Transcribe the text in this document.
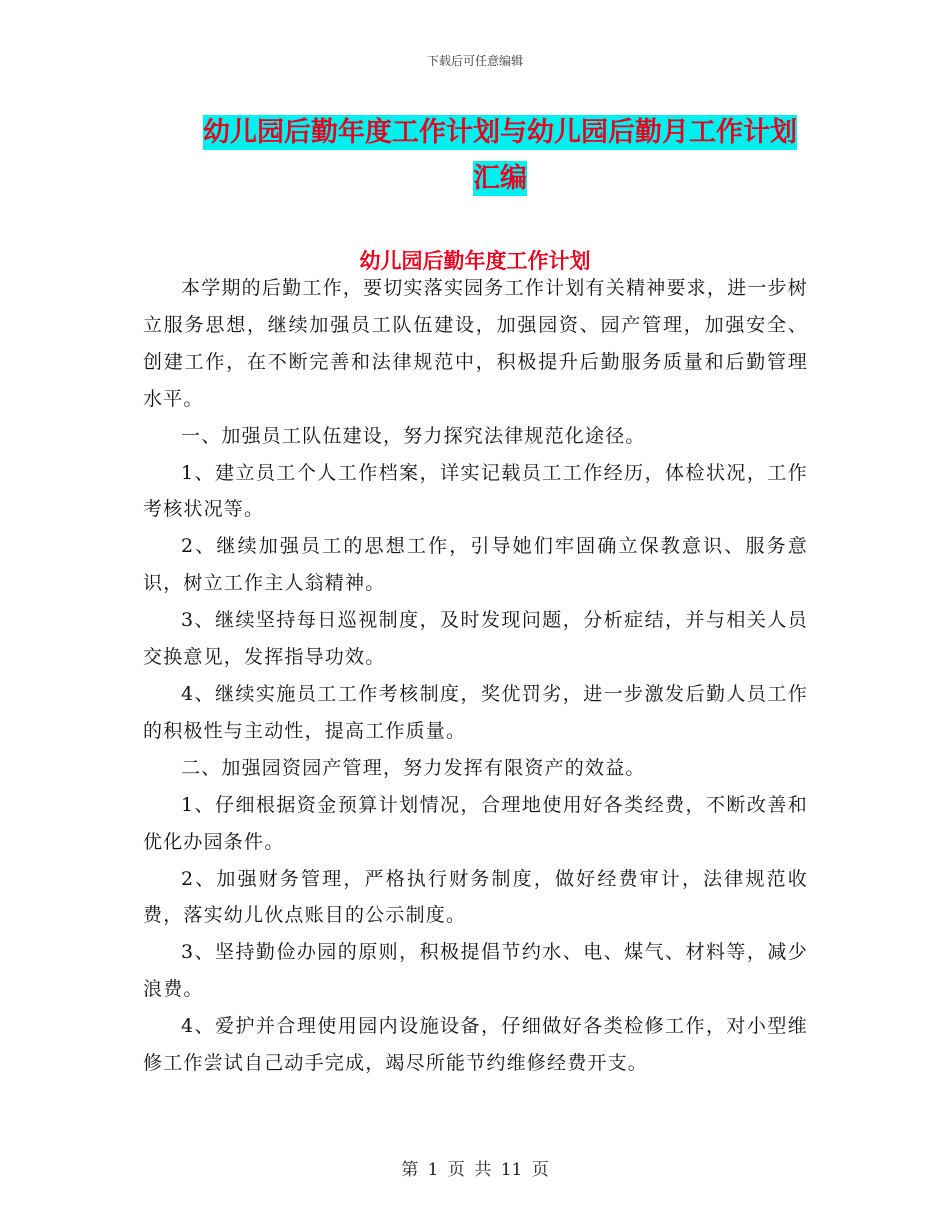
下载后可任意编辑
幼儿园后勤年度工作计划与幼儿园后勤月工作计划汇编
幼儿园后勤年度工作计划

本学期的后勤工作，要切实落实园务工作计划有关精神要求，进一步树立服务思想，继续加强员工队伍建设，加强园资、园产管理，加强安全、创建工作，在不断完善和法律规范中，积极提升后勤服务质量和后勤管理水平。

一、加强员工队伍建设，努力探究法律规范化途径。

1、建立员工个人工作档案，详实记载员工工作经历，体检状况，工作考核状况等。

2、继续加强员工的思想工作，引导她们牢固确立保教意识、服务意识，树立工作主人翁精神。

3、继续坚持每日巡视制度，及时发现问题，分析症结，并与相关人员交换意见，发挥指导功效。

4、继续实施员工工作考核制度，奖优罚劣，进一步激发后勤人员工作的积极性与主动性，提高工作质量。

二、加强园资园产管理，努力发挥有限资产的效益。

1、仔细根据资金预算计划情况，合理地使用好各类经费，不断改善和优化办园条件。

2、加强财务管理，严格执行财务制度，做好经费审计，法律规范收费，落实幼儿伙点账目的公示制度。

3、坚持勤俭办园的原则，积极提倡节约水、电、煤气、材料等，减少浪费。

4、爱护并合理使用园内设施设备，仔细做好各类检修工作，对小型维修工作尝试自己动手完成，竭尽所能节约维修经费开支。

第 1 页 共 11 页
